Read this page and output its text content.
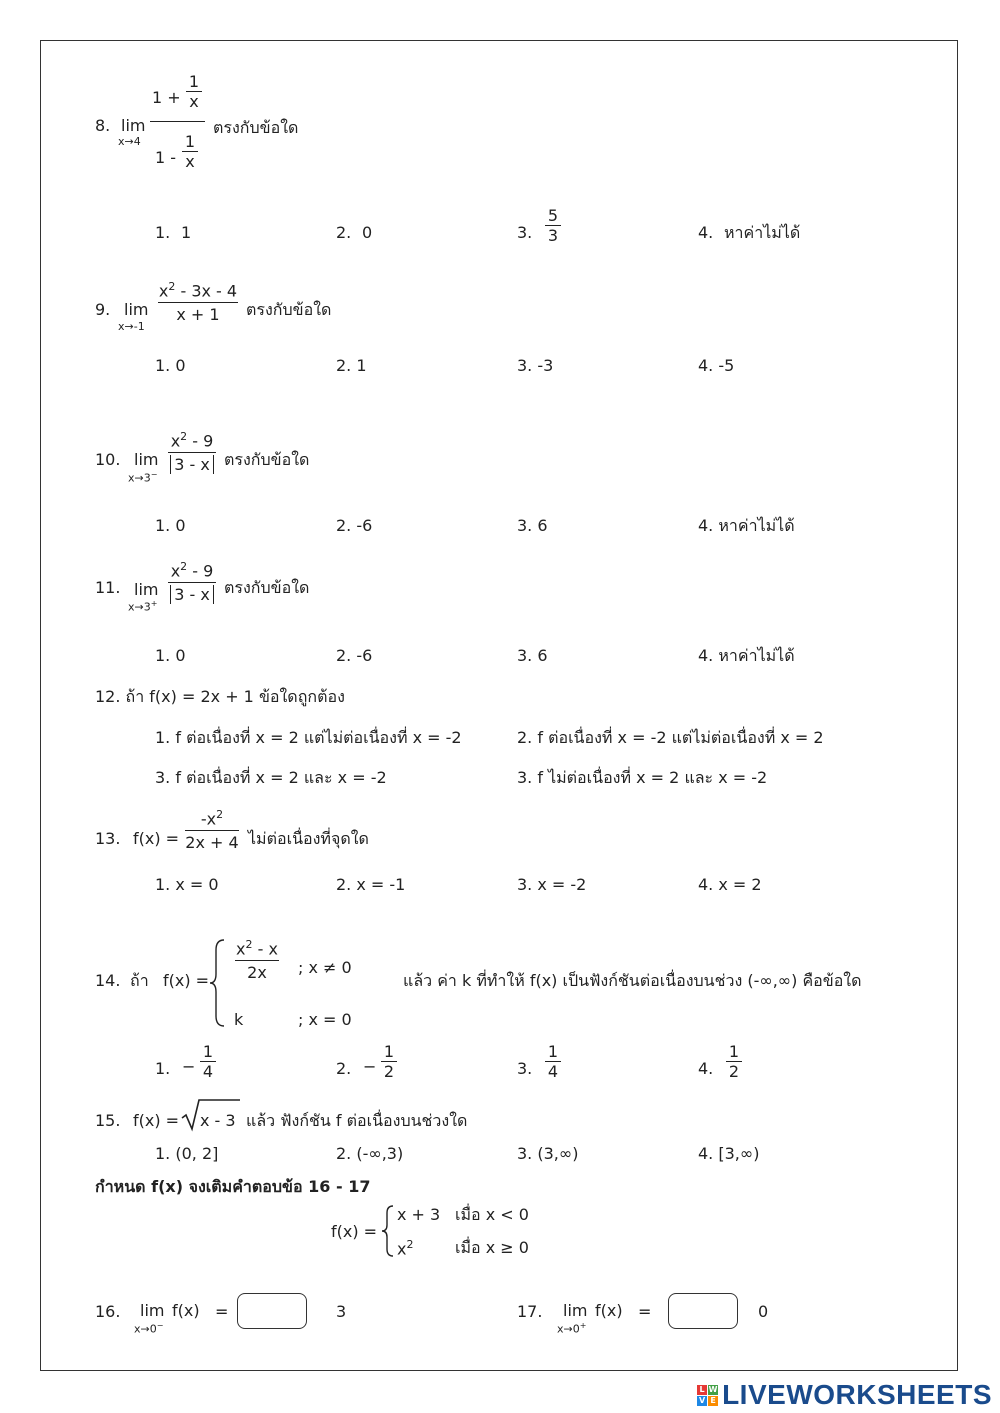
8. lim
x→4
1 +
1
x
1 -
1
x
ตรงกับข้อใด
1. 1	2. 0	3.
5
3	4. หาค่าไม่ได้
9. lim
x→-1
$x^2 - 3x - 4$
x + 1 ตรงกับข้อใด
1. 0	2. 1	3. -3	4. -5
10. lim
x→3−
$x^2 - 9$
3 - x ตรงกับข้อใด
1. 0	2. -6	3. 6	4. หาค่าไม่ได้
11. lim
x→3+
$x^2 - 9$
3 - x ตรงกับข้อใด
1. 0	2. -6	3. 6	4. หาค่าไม่ได้
12. ถ้า f(x) = 2x + 1 ข้อใดถูกต้อง
1. f ต่อเนื่องที่ x = 2 แต่ไม่ต่อเนื่องที่ x = -2	2. f ต่อเนื่องที่ x = -2 แต่ไม่ต่อเนื่องที่ x = 2
3. f ต่อเนื่องที่ x = 2 และ x = -2	3. f ไม่ต่อเนื่องที่ x = 2 และ x = -2
13. f(x) =
$-x^2$
2x + 4 ไม่ต่อเนื่องที่จุดใด
1. x = 0	2. x = -1	3. x = -2	4. x = 2
14. ถ้า f(x) =
$x^2$ - x
2x ; x ≠ 0
k	; x = 0
แล้ว ค่า k ที่ทำให้ f(x) เป็นฟังก์ชันต่อเนื่องบนช่วง (-∞,∞) คือข้อใด
1. −
1
4	2. −
1
2	3.
1
4	4.
1
2
15. f(x) = x - 3 แล้ว ฟังก์ชัน f ต่อเนื่องบนช่วงใด
1. (0, 2]	2. (-∞,3)	3. (3,∞)	4. [3,∞)
กำหนด f(x) จงเติมคำตอบข้อ 16 - 17
f(x) =
x + 3 เมื่อ x < 0
$x^2$	เมื่อ x ≥ 0
16. lim
x→0−
f(x) =	3	17. lim
x→0+
f(x) =	0
L W
V E LIVEWORKSHEETS
